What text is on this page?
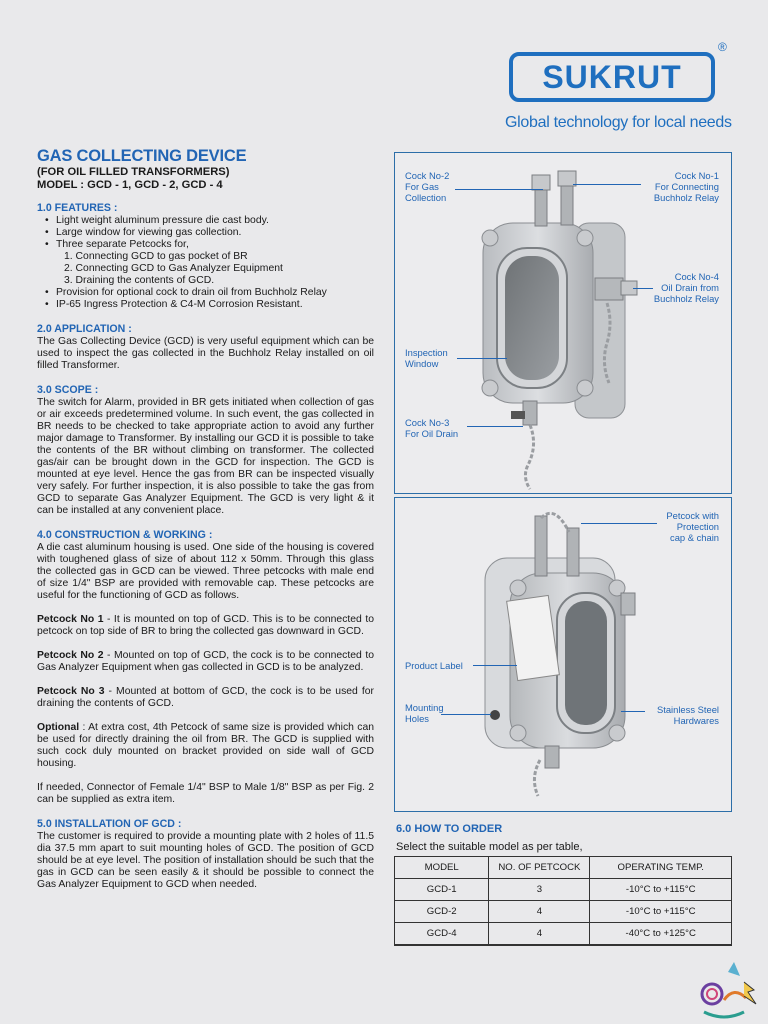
SUKRUT
®
Global technology for local needs
GAS COLLECTING DEVICE

(FOR OIL FILLED TRANSFORMERS)

MODEL : GCD - 1, GCD - 2, GCD - 4

1.0 FEATURES :
• Light weight aluminum pressure die cast body.
• Large window for viewing gas collection.
• Three separate Petcocks for,
1. Connecting GCD to gas pocket of BR
2. Connecting GCD to Gas Analyzer Equipment
3. Draining the contents of GCD.
• Provision for optional cock to drain oil from Buchholz Relay
• IP-65 Ingress Protection & C4-M Corrosion Resistant.
2.0 APPLICATION :

The Gas Collecting Device (GCD) is very useful equipment which can be used to inspect the gas collected in the Buchholz Relay installed on oil filled Transformer.

3.0 SCOPE :

The switch for Alarm, provided in BR gets initiated when collection of gas or air exceeds predetermined volume. In such event, the gas collected in BR needs to be checked to take appropriate action to avoid any further major damage to Transformer. By installing our GCD it is possible to take the contents of the BR without climbing on transformer. The collected gas/air can be brought down in the GCD for inspection. The GCD is mounted at eye level. Hence the gas from BR can be inspected visually very safely. For further inspection, it is also possible to take the gas from GCD to separate Gas Analyzer Equipment. The GCD is very light & it can be installed at any convenient place.

4.0 CONSTRUCTION & WORKING :

A die cast aluminum housing is used. One side of the housing is covered with toughened glass of size of about 112 x 50mm. Through this glass the collected gas in GCD can be viewed. Three petcocks with male end of size 1/4" BSP are provided with removable cap. These petcocks are useful for the functioning of GCD as follows.

Petcock No 1 - It is mounted on top of GCD. This is to be connected to petcock on top side of BR to bring the collected gas downward in GCD.

Petcock No 2 - Mounted on top of GCD, the cock is to be connected to Gas Analyzer Equipment when gas collected in GCD is to be analyzed.

Petcock No 3 - Mounted at bottom of GCD, the cock is to be used for draining the contents of GCD.

Optional : At extra cost, 4th Petcock of same size is provided which can be used for directly draining the oil from BR. The GCD is supplied with such cock duly mounted on bracket provided on side wall of GCD housing.

If needed, Connector of Female 1/4" BSP to Male 1/8" BSP as per Fig. 2 can be supplied as extra item.

5.0 INSTALLATION OF GCD :

The customer is required to provide a mounting plate with 2 holes of 11.5 dia 37.5 mm apart to suit mounting holes of GCD. The position of GCD should be at eye level. The position of installation should be such that the gas in GCD can be seen easily & it should be possible to connect the Gas Analyzer Equipment to GCD when needed.

Cock No-2
For Gas
Collection
Cock No-1
For Connecting
Buchholz Relay
Cock No-4
Oil Drain from
Buchholz Relay
Inspection
Window
Cock No-3
For Oil Drain
Petcock with
Protection
cap & chain
Product Label
Mounting
Holes
Stainless Steel
Hardwares
6.0 HOW TO ORDER
Select the suitable model as per table,
MODEL	NO. OF PETCOCK	OPERATING TEMP.
GCD-1	3	-10°C to +115°C
GCD-2	4	-10°C to +115°C
GCD-4	4	-40°C to +125°C
